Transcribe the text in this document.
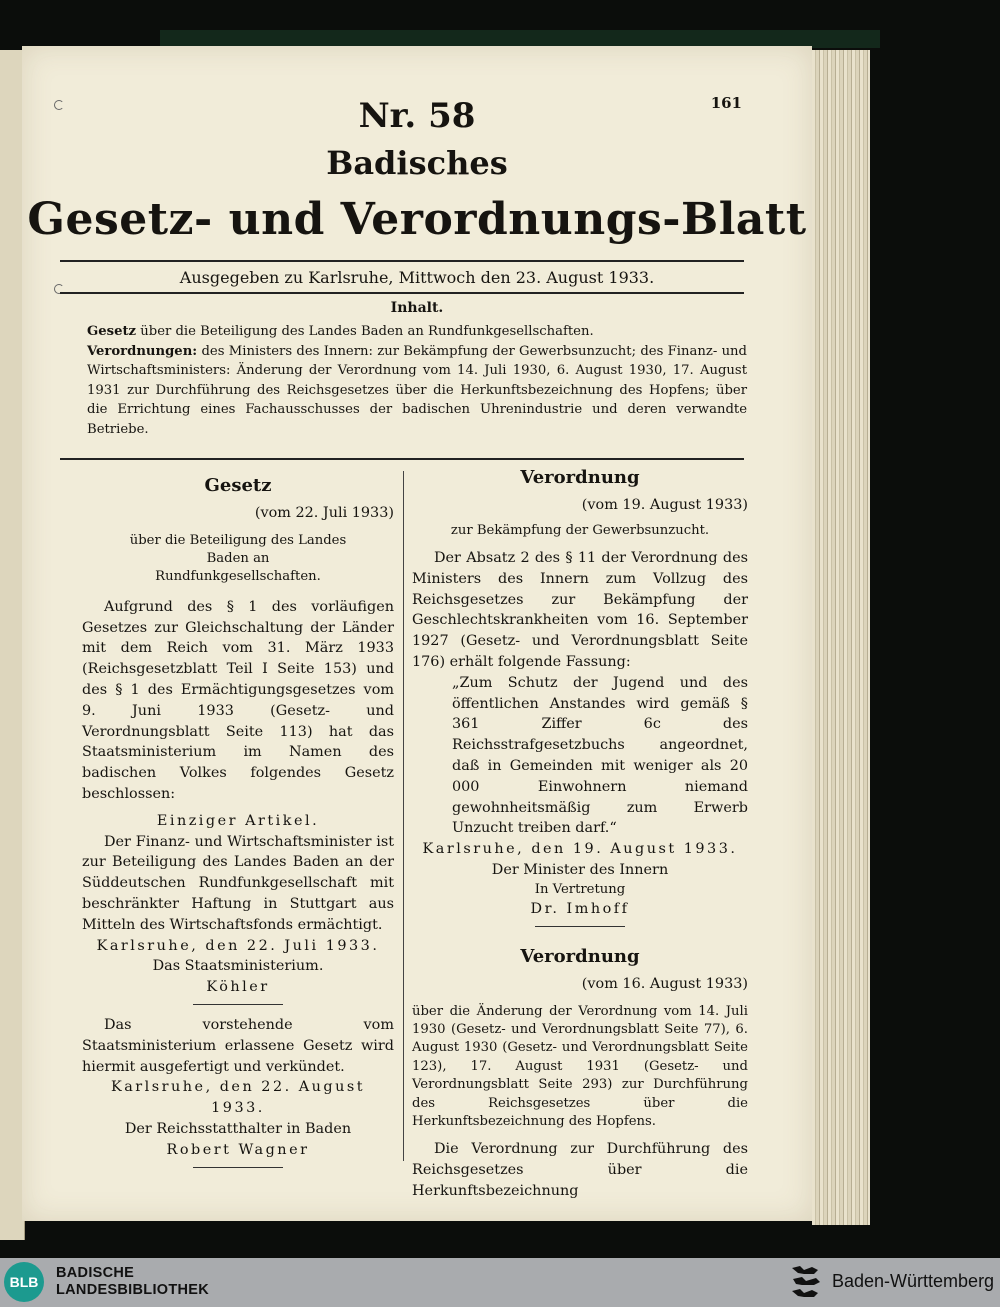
161
Nr. 58
Badisches
Gesetz- und Verordnungs-Blatt
Ausgegeben zu Karlsruhe, Mittwoch den 23. August 1933.
Inhalt.

Gesetz über die Beteiligung des Landes Baden an Rundfunkgesellschaften.

Verordnungen: des Ministers des Innern: zur Bekämpfung der Gewerbsunzucht; des Finanz- und Wirtschaftsministers: Änderung der Verordnung vom 14. Juli 1930, 6. August 1930, 17. August 1931 zur Durchführung des Reichsgesetzes über die Herkunftsbezeichnung des Hopfens; über die Errichtung eines Fachausschusses der badischen Uhrenindustrie und deren verwandte Betriebe.

Gesetz

(vom 22. Juli 1933)

über die Beteiligung des Landes Baden an Rundfunkgesellschaften.

Aufgrund des § 1 des vorläufigen Gesetzes zur Gleichschaltung der Länder mit dem Reich vom 31. März 1933 (Reichsgesetzblatt Teil I Seite 153) und des § 1 des Ermächtigungsgesetzes vom 9. Juni 1933 (Gesetz- und Verordnungsblatt Seite 113) hat das Staatsministerium im Namen des badischen Volkes folgendes Gesetz beschlossen:

Einziger Artikel.

Der Finanz- und Wirtschaftsminister ist zur Beteiligung des Landes Baden an der Süddeutschen Rundfunkgesellschaft mit beschränkter Haftung in Stuttgart aus Mitteln des Wirtschaftsfonds ermächtigt.

Karlsruhe, den 22. Juli 1933.

Das Staatsministerium.

Köhler

Das vorstehende vom Staatsministerium erlassene Gesetz wird hiermit ausgefertigt und verkündet.

Karlsruhe, den 22. August 1933.

Der Reichsstatthalter in Baden

Robert Wagner

Verordnung

(vom 19. August 1933)

zur Bekämpfung der Gewerbsunzucht.

Der Absatz 2 des § 11 der Verordnung des Ministers des Innern zum Vollzug des Reichsgesetzes zur Bekämpfung der Geschlechtskrankheiten vom 16. September 1927 (Gesetz- und Verordnungsblatt Seite 176) erhält folgende Fassung:

„Zum Schutz der Jugend und des öffentlichen Anstandes wird gemäß § 361 Ziffer 6c des Reichsstrafgesetzbuchs angeordnet, daß in Gemeinden mit weniger als 20 000 Einwohnern niemand gewohnheitsmäßig zum Erwerb Unzucht treiben darf.“

Karlsruhe, den 19. August 1933.

Der Minister des Innern

In Vertretung

Dr. Imhoff

Verordnung

(vom 16. August 1933)

über die Änderung der Verordnung vom 14. Juli 1930 (Gesetz- und Verordnungsblatt Seite 77), 6. August 1930 (Gesetz- und Verordnungsblatt Seite 123), 17. August 1931 (Gesetz- und Verordnungsblatt Seite 293) zur Durchführung des Reichsgesetzes über die Herkunftsbezeichnung des Hopfens.

Die Verordnung zur Durchführung des Reichsgesetzes über die Herkunftsbezeichnung

BLB
BADISCHE
LANDESBIBLIOTHEK	Baden-Württemberg
